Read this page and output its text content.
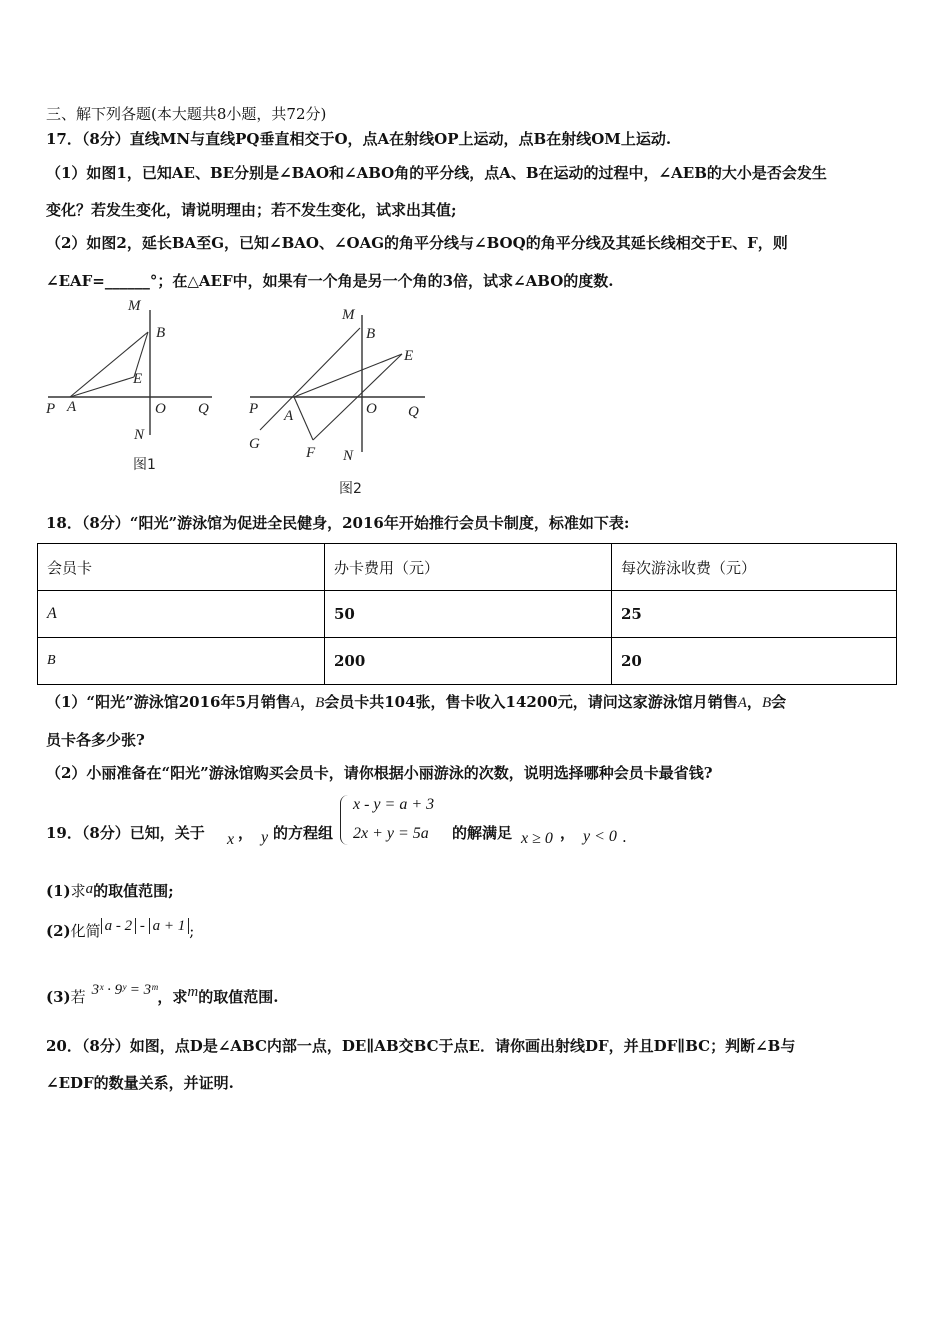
三、解下列各题(本大题共8小题，共72分)
17．（8分）直线MN与直线PQ垂直相交于O，点A在射线OP上运动，点B在射线OM上运动.
（1）如图1，已知AE、BE分别是∠BAO和∠ABO角的平分线，点A、B在运动的过程中，∠AEB的大小是否会发生
变化？若发生变化，请说明理由；若不发生变化，试求出其值;
（2）如图2，延长BA至G，已知∠BAO、∠OAG的角平分线与∠BOQ的角平分线及其延长线相交于E、F，则
∠EAF=______°；在△AEF中，如果有一个角是另一个角的3倍，试求∠ABO的度数.
M
B
E
P A	O Q
N
图1
M
B
E
P A	O Q
G
F N
图2
18．（8分）“阳光”游泳馆为促进全民健身，2016年开始推行会员卡制度，标准如下表:
会员卡	办卡费用（元）	每次游泳收费（元）
A	50	25
B	200	20
（1）“阳光”游泳馆2016年5月销售A，B会员卡共104张，售卡收入14200元，请问这家游泳馆月销售A，B会
员卡各多少张?
（2）小丽准备在“阳光”游泳馆购买会员卡，请你根据小丽游泳的次数，说明选择哪种会员卡最省钱?
19．（8分）已知，关于 x ， y 的方程组
x - y = a + 3
2x + y = 5a 的解满足 x ≥ 0 ， y < 0 .
(1)求a的取值范围;
(2)化简 a - 2 - a + 1 ;
(3)若 3ˣ · 9ʸ = 3ᵐ，求m的取值范围.
20．（8分）如图，点D是∠ABC内部一点，DE∥AB交BC于点E．请你画出射线DF，并且DF∥BC；判断∠B与
∠EDF的数量关系，并证明.
